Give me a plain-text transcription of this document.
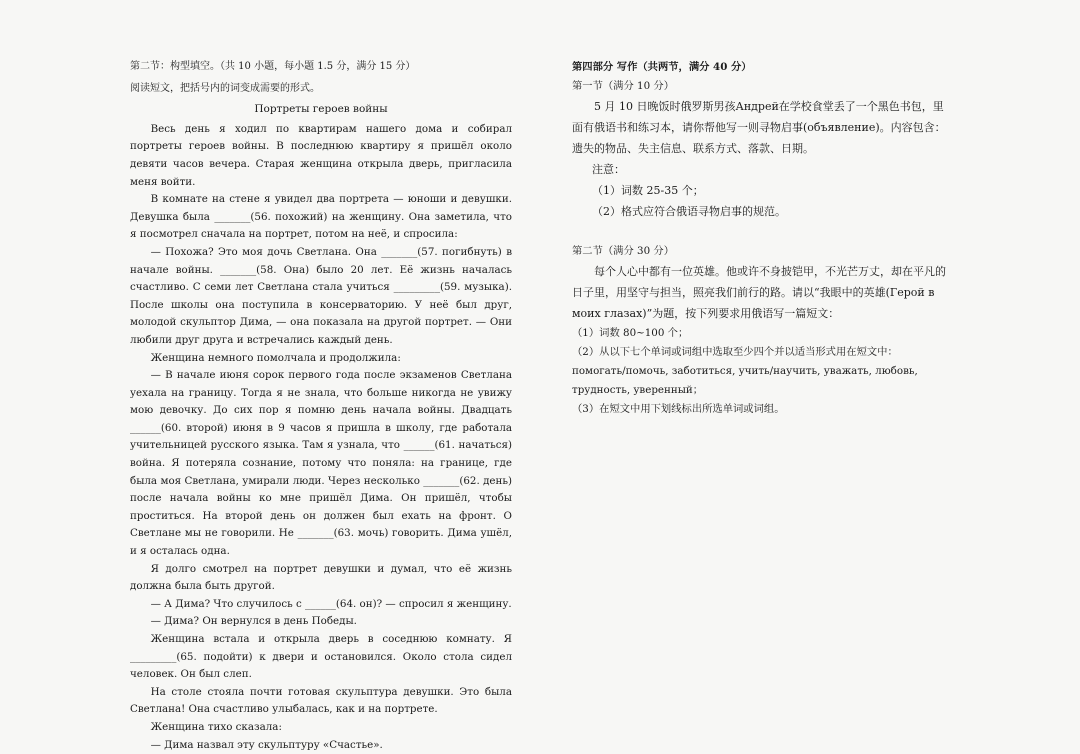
第二节：构型填空。（共 10 小题，每小题 1.5 分，满分 15 分）

阅读短文，把括号内的词变成需要的形式。

Портреты героев войны

Весь день я ходил по квартирам нашего дома и собирал портреты героев войны. В последнюю квартиру я пришёл около девяти часов вечера. Старая женщина открыла дверь, пригласила меня войти.

В комнате на стене я увидел два портрета — юноши и девушки. Девушка была _______(56. похожий) на женщину. Она заметила, что я посмотрел сначала на портрет, потом на неё, и спросила:

— Похожа? Это моя дочь Светлана. Она _______(57. погибнуть) в начале войны. _______(58. Она) было 20 лет. Её жизнь началась счастливо. С семи лет Светлана стала учиться _________(59. музыка). После школы она поступила в консерваторию. У неё был друг, молодой скульптор Дима, — она показала на другой портрет. — Они любили друг друга и встречались каждый день.

Женщина немного помолчала и продолжила:

— В начале июня сорок первого года после экзаменов Светлана уехала на границу. Тогда я не знала, что больше никогда не увижу мою девочку. До сих пор я помню день начала войны. Двадцать ______(60. второй) июня в 9 часов я пришла в школу, где работала учительницей русского языка. Там я узнала, что ______(61. начаться) война. Я потеряла сознание, потому что поняла: на границе, где была моя Светлана, умирали люди. Через несколько _______(62. день) после начала войны ко мне пришёл Дима. Он пришёл, чтобы проститься. На второй день он должен был ехать на фронт. О Светлане мы не говорили. Не _______(63. мочь) говорить. Дима ушёл, и я осталась одна.

Я долго смотрел на портрет девушки и думал, что её жизнь должна была быть другой.

— А Дима? Что случилось с ______(64. он)? — спросил я женщину.

— Дима? Он вернулся в день Победы.

Женщина встала и открыла дверь в соседнюю комнату. Я _________(65. подойти) к двери и остановился. Около стола сидел человек. Он был слеп.

На столе стояла почти готовая скульптура девушки. Это была Светлана! Она счастливо улыбалась, как и на портрете.

Женщина тихо сказала:

— Дима назвал эту скульптуру «Счастье».

第四部分 写作（共两节，满分 40 分）

第一节（满分 10 分）

5 月 10 日晚饭时俄罗斯男孩Андрей在学校食堂丢了一个黑色书包，里面有俄语书和练习本，请你帮他写一则寻物启事(объявление)。内容包含：遗失的物品、失主信息、联系方式、落款、日期。

注意：

（1）词数 25-35 个；

（2）格式应符合俄语寻物启事的规范。

第二节（满分 30 分）

每个人心中都有一位英雄。他或许不身披铠甲，不光芒万丈，却在平凡的日子里，用坚守与担当，照亮我们前行的路。请以“我眼中的英雄(Герой в моих глазах)”为题，按下列要求用俄语写一篇短文：

（1）词数 80~100 个；

（2）从以下七个单词或词组中选取至少四个并以适当形式用在短文中：

помогать/помочь, заботиться, учить/научить, уважать, любовь, трудность, уверенный；

（3）在短文中用下划线标出所选单词或词组。
